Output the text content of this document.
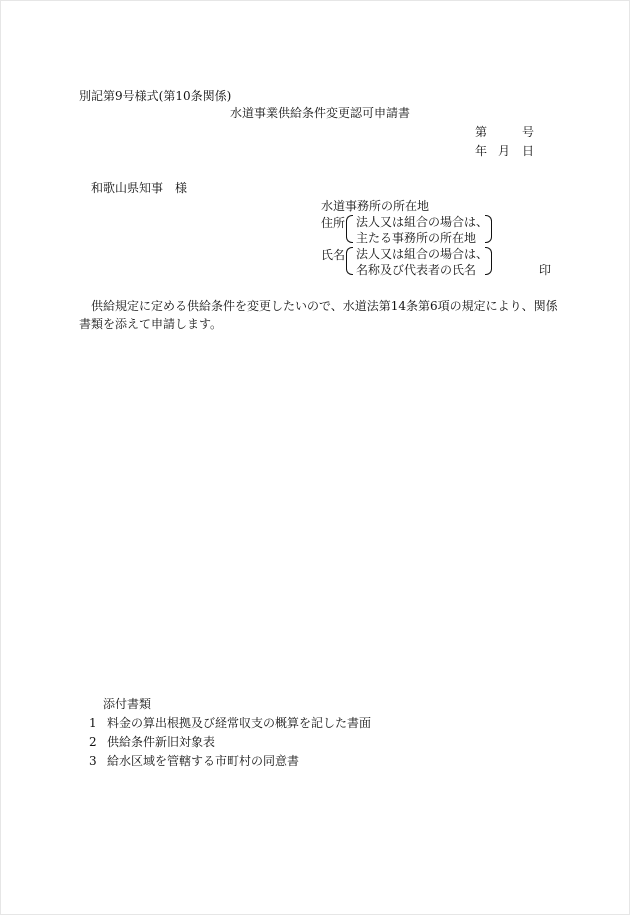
別記第9号様式(第10条関係)
水道事業供給条件変更認可申請書
第	号
年 月 日
和歌山県知事　様
水道事務所の所在地
住所 法人又は組合の場合は、
主たる事務所の所在地
氏名 法人又は組合の場合は、
名称及び代表者の氏名	印
供給規定に定める供給条件を変更したいので、水道法第14条第6項の規定により、関係書類を添えて申請します。
添付書類
1 料金の算出根拠及び経常収支の概算を記した書面
2 供給条件新旧対象表
3 給水区域を管轄する市町村の同意書
